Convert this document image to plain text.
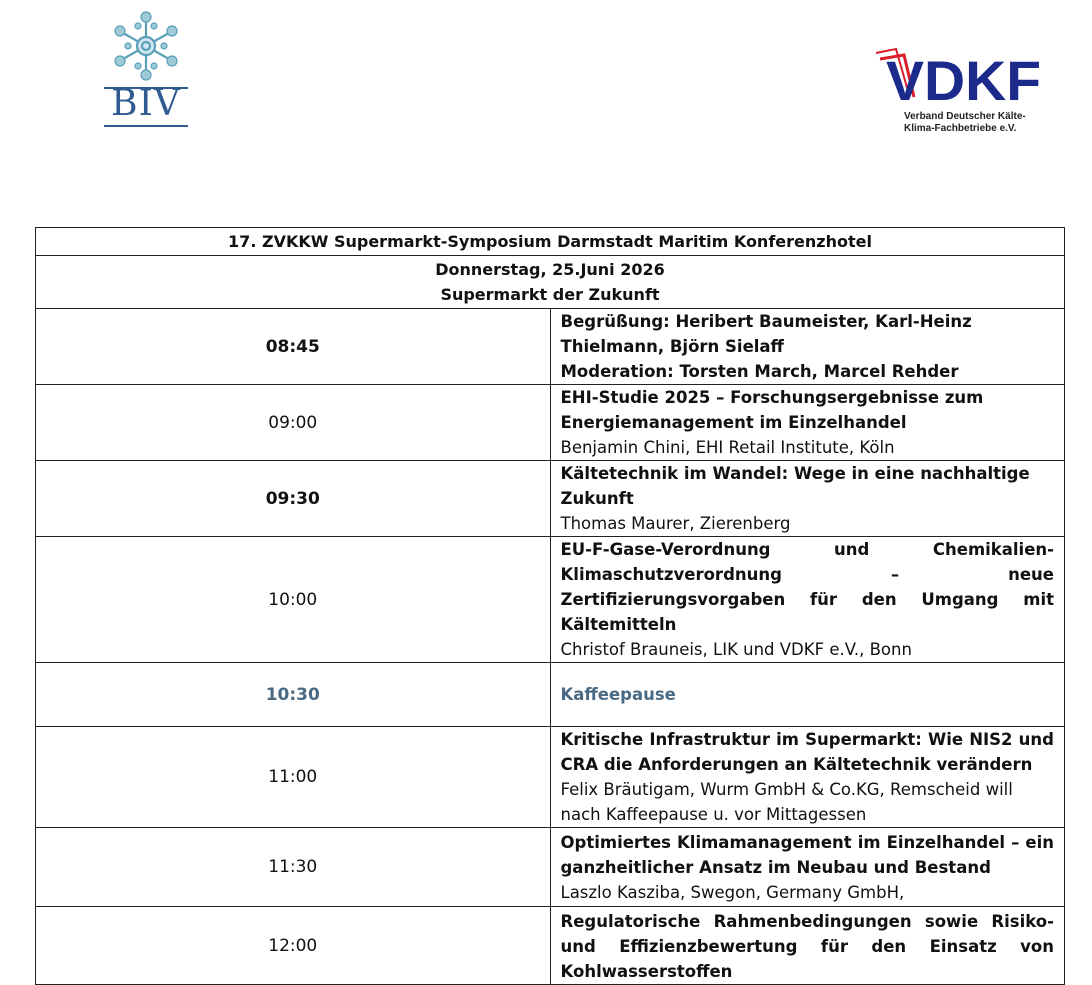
BIV	VDKF
Verband Deutscher Kälte-
Klima-Fachbetriebe e.V.
17. ZVKKW Supermarkt-Symposium Darmstadt Maritim Konferenzhotel	

Donnerstag, 25.Juni 2026
Supermarkt der Zukunft	

08:45	Begrüßung: Heribert Baumeister, Karl-Heinz Thielmann, Björn Sielaff
Moderation: Torsten March, Marcel Rehder

09:00	EHI-Studie 2025 – Forschungsergebnisse zum Energiemanagement im Einzelhandel
Benjamin Chini, EHI Retail Institute, Köln

09:30	Kältetechnik im Wandel: Wege in eine nachhaltige Zukunft
Thomas Maurer, Zierenberg

10:00	EU-F-Gase-Verordnung und Chemikalien-Klimaschutzverordnung – neue Zertifizierungsvorgaben für den Umgang mit Kältemitteln
Christof Brauneis, LIK und VDKF e.V., Bonn

10:30	Kaffeepause

11:00	Kritische Infrastruktur im Supermarkt: Wie NIS2 und CRA die Anforderungen an Kältetechnik verändern
Felix Bräutigam, Wurm GmbH & Co.KG, Remscheid will nach Kaffeepause u. vor Mittagessen

11:30	Optimiertes Klimamanagement im Einzelhandel – ein ganzheitlicher Ansatz im Neubau und Bestand
Laszlo Kasziba, Swegon, Germany GmbH,

12:00	Regulatorische Rahmenbedingungen sowie Risiko- und Effizienzbewertung für den Einsatz von Kohlwasserstoffen
